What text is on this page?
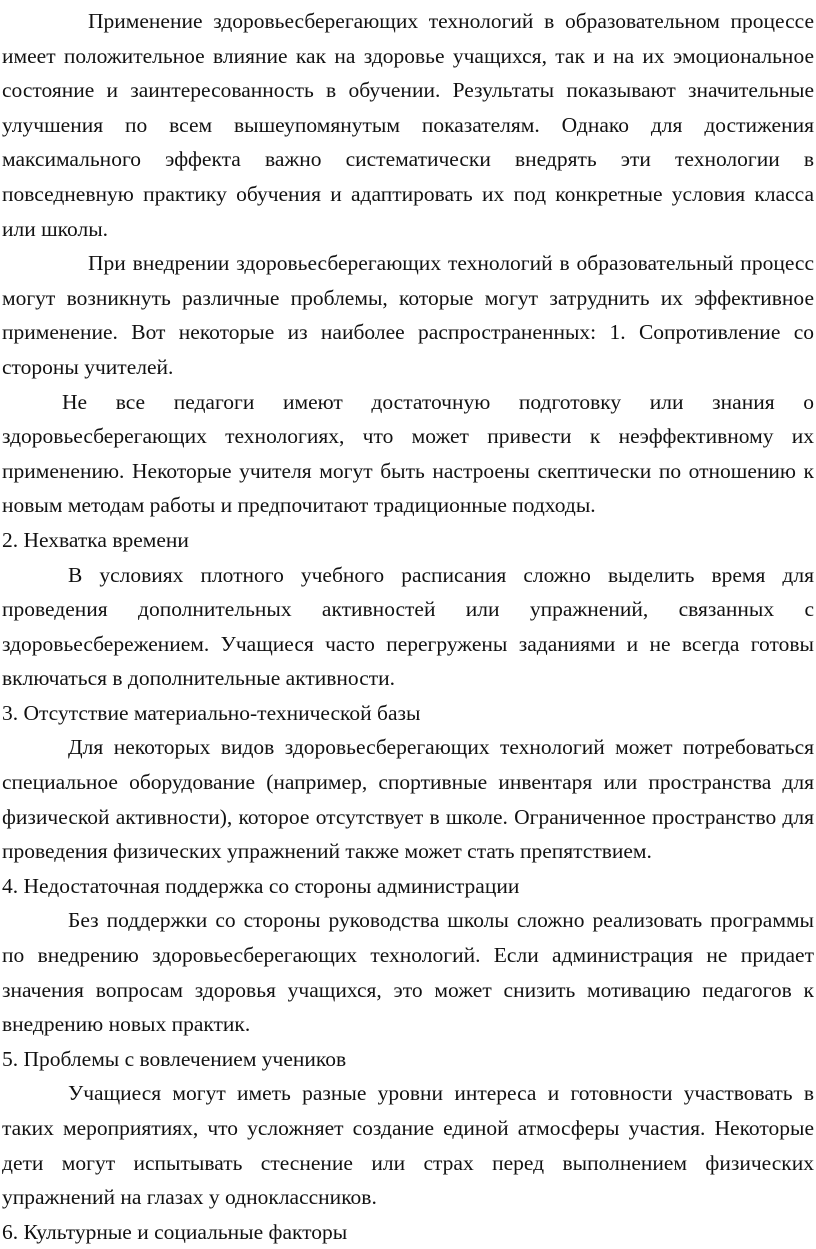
Применение здоровьесберегающих технологий в образовательном процессе имеет положительное влияние как на здоровье учащихся, так и на их эмоциональное состояние и заинтересованность в обучении. Результаты показывают значительные улучшения по всем вышеупомянутым показателям. Однако для достижения максимального эффекта важно систематически внедрять эти технологии в повседневную практику обучения и адаптировать их под конкретные условия класса или школы.

При внедрении здоровьесберегающих технологий в образовательный процесс могут возникнуть различные проблемы, которые могут затруднить их эффективное применение. Вот некоторые из наиболее распространенных: 1. Сопротивление со стороны учителей.

Не все педагоги имеют достаточную подготовку или знания о здоровьесберегающих технологиях, что может привести к неэффективному их применению. Некоторые учителя могут быть настроены скептически по отношению к новым методам работы и предпочитают традиционные подходы.

2. Нехватка времени

В условиях плотного учебного расписания сложно выделить время для проведения дополнительных активностей или упражнений, связанных с здоровьесбережением. Учащиеся часто перегружены заданиями и не всегда готовы включаться в дополнительные активности.

3. Отсутствие материально-технической базы

Для некоторых видов здоровьесберегающих технологий может потребоваться специальное оборудование (например, спортивные инвентаря или пространства для физической активности), которое отсутствует в школе. Ограниченное пространство для проведения физических упражнений также может стать препятствием.

4. Недостаточная поддержка со стороны администрации

Без поддержки со стороны руководства школы сложно реализовать программы по внедрению здоровьесберегающих технологий. Если администрация не придает значения вопросам здоровья учащихся, это может снизить мотивацию педагогов к внедрению новых практик.

5. Проблемы с вовлечением учеников

Учащиеся могут иметь разные уровни интереса и готовности участвовать в таких мероприятиях, что усложняет создание единой атмосферы участия. Некоторые дети могут испытывать стеснение или страх перед выполнением физических упражнений на глазах у одноклассников.

6. Культурные и социальные факторы
